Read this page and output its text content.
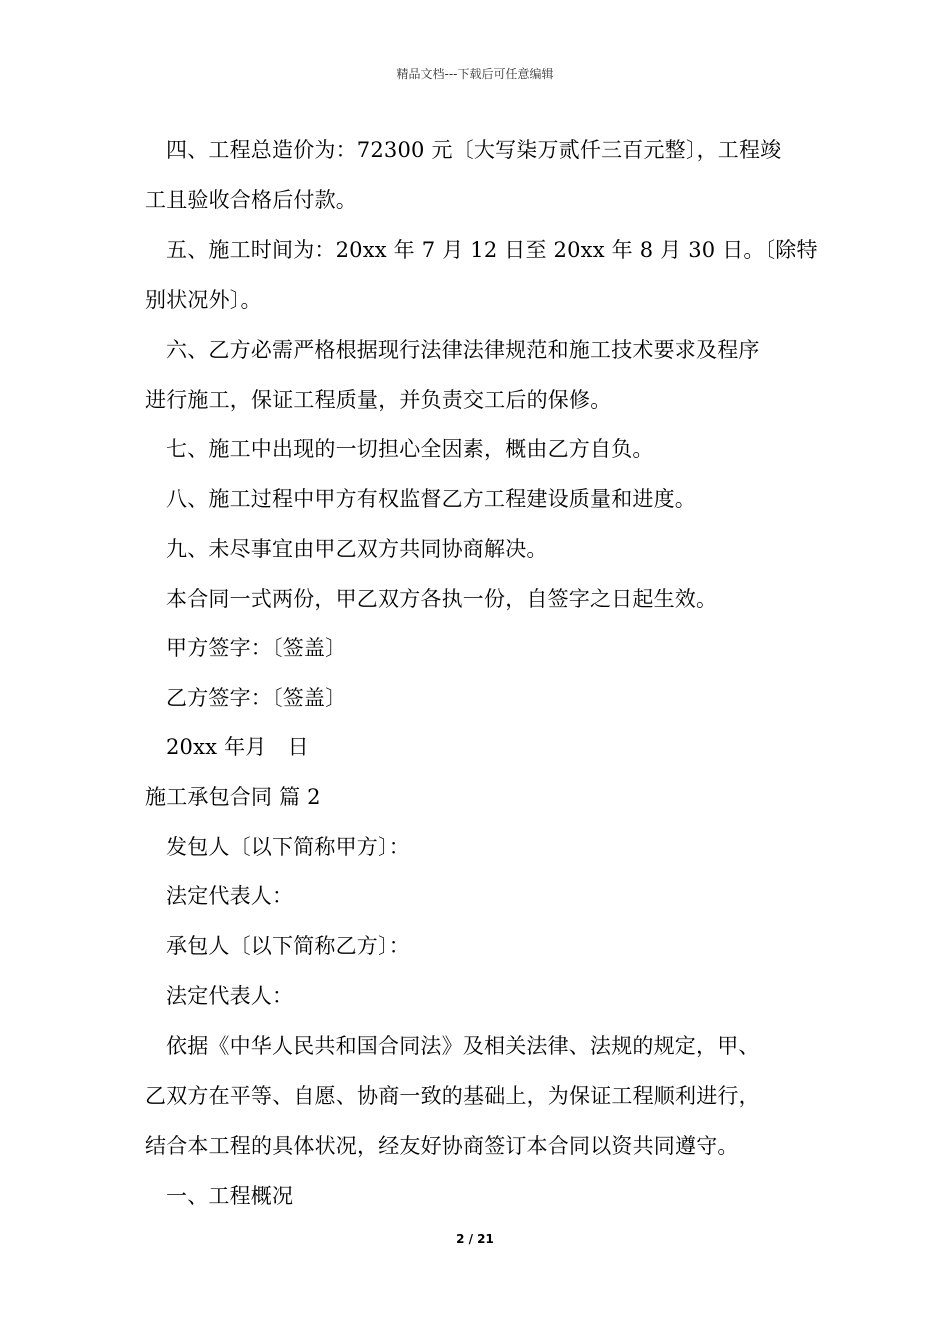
精品文档---下载后可任意编辑
四、工程总造价为：72300 元〔大写柒万贰仟三百元整〕，工程竣
工且验收合格后付款。
五、施工时间为：20xx 年 7 月 12 日至 20xx 年 8 月 30 日。〔除特
别状况外〕。
六、乙方必需严格根据现行法律法律规范和施工技术要求及程序
进行施工，保证工程质量，并负责交工后的保修。
七、施工中出现的一切担心全因素，概由乙方自负。
八、施工过程中甲方有权监督乙方工程建设质量和进度。
九、未尽事宜由甲乙双方共同协商解决。
本合同一式两份，甲乙双方各执一份，自签字之日起生效。
甲方签字：〔签盖〕
乙方签字：〔签盖〕
20xx 年月　日
施工承包合同 篇 2
发包人〔以下简称甲方〕：
法定代表人：
承包人〔以下简称乙方〕：
法定代表人：
依据《中华人民共和国合同法》及相关法律、法规的规定，甲、
乙双方在平等、自愿、协商一致的基础上，为保证工程顺利进行，
结合本工程的具体状况，经友好协商签订本合同以资共同遵守。
一、工程概况
2 / 21
